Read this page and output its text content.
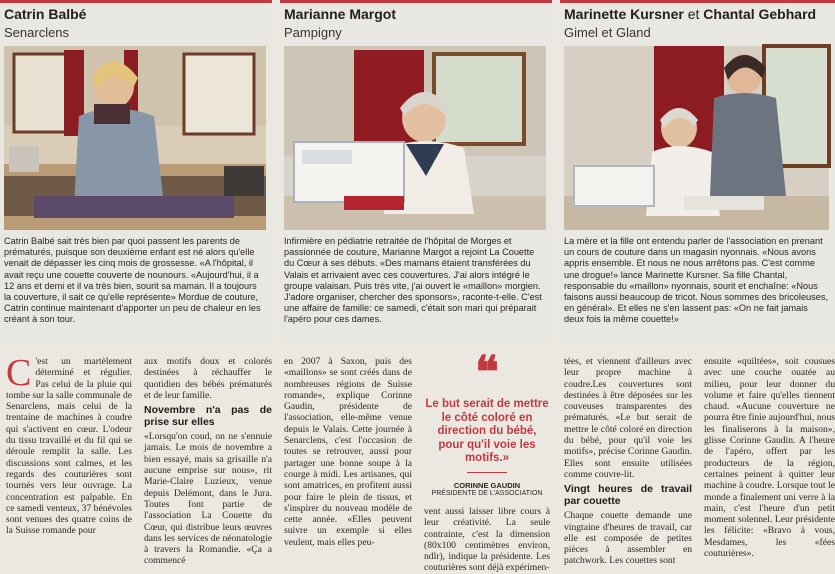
Catrin Balbé
Senarclens
Catrin Balbé sait très bien par quoi passent les parents de prématurés, puisque son deuxième enfant est né alors qu'elle venait de dépasser les cinq mois de grossesse. «A l'hôpital, il avait reçu une couette couverte de nounours. «Aujourd'hui, il a 12 ans et demi et il va très bien, sourit sa maman. Il a toujours la couverture, il sait ce qu'elle représente» Mordue de couture, Catrin continue maintenant d'apporter un peu de chaleur en les créant à son tour.
Marianne Margot
Pampigny
Infirmière en pédiatrie retraitée de l'hôpital de Morges et passionnée de couture, Marianne Margot a rejoint La Couette du Cœur à ses débuts. «Des mamans étaient transférées du Valais et arrivaient avec ces couvertures. J'ai alors intégré le groupe valaisan. Puis très vite, j'ai ouvert le «maillon» morgien. J'adore organiser, chercher des sponsors», raconte-t-elle. C'est une affaire de famille: ce samedi, c'était son mari qui préparait l'apéro pour ces dames.
Marinette Kursner et Chantal Gebhard
Gimel et Gland
La mère et la fille ont entendu parler de l'association en prenant un cours de couture dans un magasin nyonnais. «Nous avons appris ensemble. Et nous ne nous arrêtons pas. C'est comme une drogue!» lance Marinette Kursner. Sa fille Chantal, responsable du «maillon» nyonnais, sourit et enchaîne: «Nous faisons aussi beaucoup de tricot. Nous sommes des bricoleuses, en général». Et elles ne s'en lassent pas: «On ne fait jamais deux fois la même couette!»
C 'est un martèlement déterminé et régulier. Pas celui de la pluie qui tombe sur la salle communale de Senarclens, mais celui de la trentaine de machines à coudre qui s'activent en cœur. L'odeur du tissu travaillé et du fil qui se déroule remplit la salle. Les discussions sont calmes, et les regards des couturières sont tournés vers leur ouvrage. La concentration est palpable. En ce samedi venteux, 37 bénévoles sont venues des quatre coins de la Suisse romande pour

aux motifs doux et colorés destinées à réchauffer le quotidien des bébés prématurés et de leur famille.

Novembre n'a pas de prise sur elles

«Lorsqu'on coud, on ne s'ennuie jamais. Le mois de novembre a bien essayé, mais sa grisaille n'a aucune emprise sur nous», rit Marie-Claire Luzieux, venue depuis Delémont, dans le Jura. Toutes font partie de l'association La Couette du Cœur, qui distribue leurs œuvres dans les services de néonatologie à travers la Romandie. «Ça a commencé

en 2007 à Saxon, puis des «maillons» se sont créés dans de nombreuses régions de Suisse romande», explique Corinne Gaudin, présidente de l'association, elle-même venue depuis le Valais. Cette journée à Senarclens, c'est l'occasion de toutes se retrouver, aussi pour partager une bonne soupe à la courge à midi. Les artisanes, qui sont amatrices, en profitent aussi pour faire le plein de tissus, et s'inspirer du nouveau modèle de cette année. «Elles peuvent suivre un exemple si elles veulent, mais elles peu-

❝
Le but serait de mettre le côté coloré en direction du bébé, pour qu'il voie les motifs.»
CORINNE GAUDIN
PRÉSIDENTE DE L'ASSOCIATION

vent aussi laisser libre cours à leur créativité. La seule contrainte, c'est la dimension (80x100 centimètres environ, ndlr), indique la présidente. Les couturières sont déjà expérimen-

tées, et viennent d'ailleurs avec leur propre machine à coudre.Les couvertures sont destinées à être déposées sur les couveuses transparentes des prématurés. «Le but serait de mettre le côté coloré en direction du bébé, pour qu'il voie les motifs», précise Corinne Gaudin. Elles sont ensuite utilisées comme couvre-lit.

Vingt heures de travail par couette

Chaque couette demande une vingtaine d'heures de travail, car elle est composée de petites pièces à assembler en patchwork. Les couettes sont

ensuite «quiltées», soit cousues avec une couche ouatée au milieu, pour leur donner du volume et faire qu'elles tiennent chaud. «Aucune couverture ne pourra être finie aujourd'hui, nous les finaliserons à la maison», glisse Corinne Gaudin. A l'heure de l'apéro, offert par les producteurs de la région, certaines peinent à quitter leur machine à coudre. Lorsque tout le monde a finalement uni verre à la main, c'est l'heure d'un petit moment solennel. Leur présidente les félicite: «Bravo à vous, Mesdames, les «fées couturières».
